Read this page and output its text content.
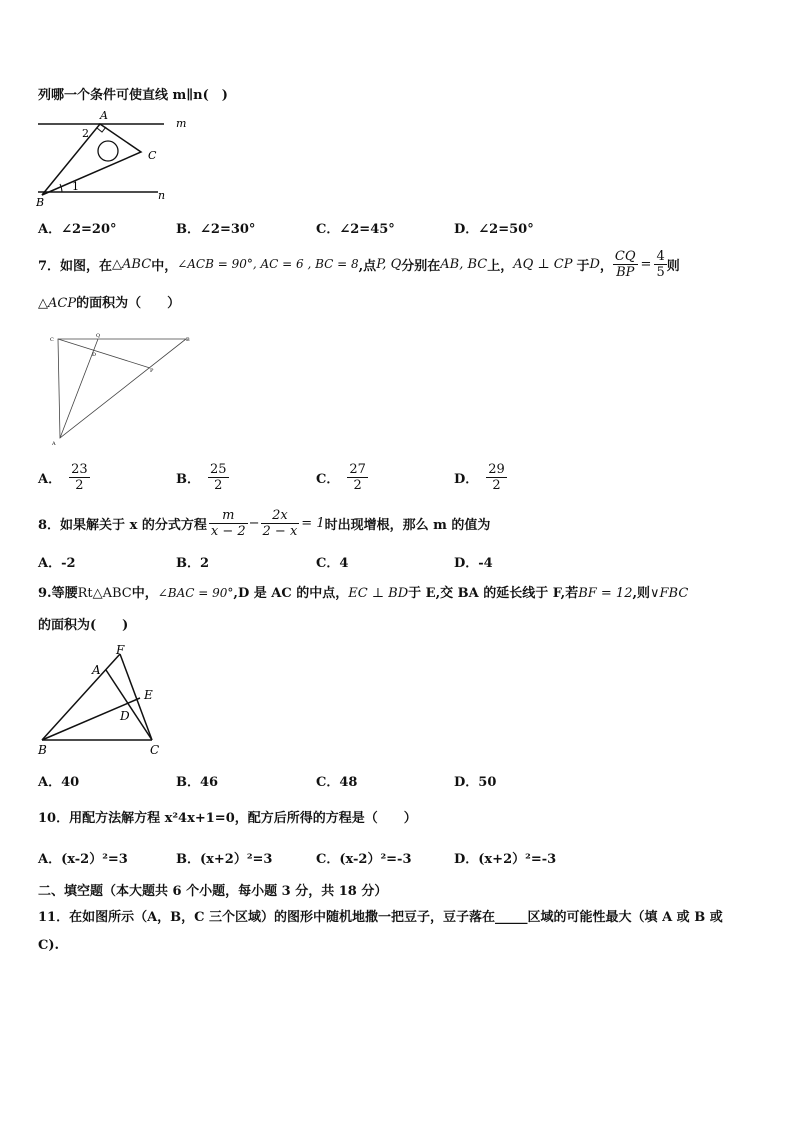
列哪一个条件可使直线 m∥n(　)
A
B
C
m
n
1
2
A．∠2=20°	B．∠2=30°	C．∠2=45°	D．∠2=50°
7．如图，在 △ABC 中， ∠ACB = 90°, AC = 6 , BC = 8 ,点 P, Q 分别在 AB, BC 上， AQ ⊥ CP 于 D ， $\frac{CQ}{BP} = \frac{4}{5}$ 则
△ACP的面积为（　　）
C
Q
B
D
P
A
A． $\frac{23}{2}$	B． $\frac{25}{2}$	C． $\frac{27}{2}$	D． $\frac{29}{2}$
8．如果解关于 x 的分式方程 $\frac{m}{x - 2} - \frac{2x}{2 - x} = 1$ 时出现增根，那么 m 的值为
A．-2	B．2	C．4	D．-4
9.等腰Rt△ABC中，∠BAC = 90°,D 是 AC 的中点，EC ⊥ BD于 E,交 BA 的延长线于 F,若BF = 12,则∨FBC
的面积为(　　)
F
A
E
D
B	C
A．40	B．46	C．48	D．50
10．用配方法解方程 x²4x+1=0，配方后所得的方程是（　　）
A．(x-2）²=3	B．(x+2）²=3	C．(x-2）²=-3	D．(x+2）²=-3
二、填空题（本大题共 6 个小题，每小题 3 分，共 18 分）
11．在如图所示（A，B，C 三个区域）的图形中随机地撒一把豆子，豆子落在_____区域的可能性最大（填 A 或 B 或
C).
